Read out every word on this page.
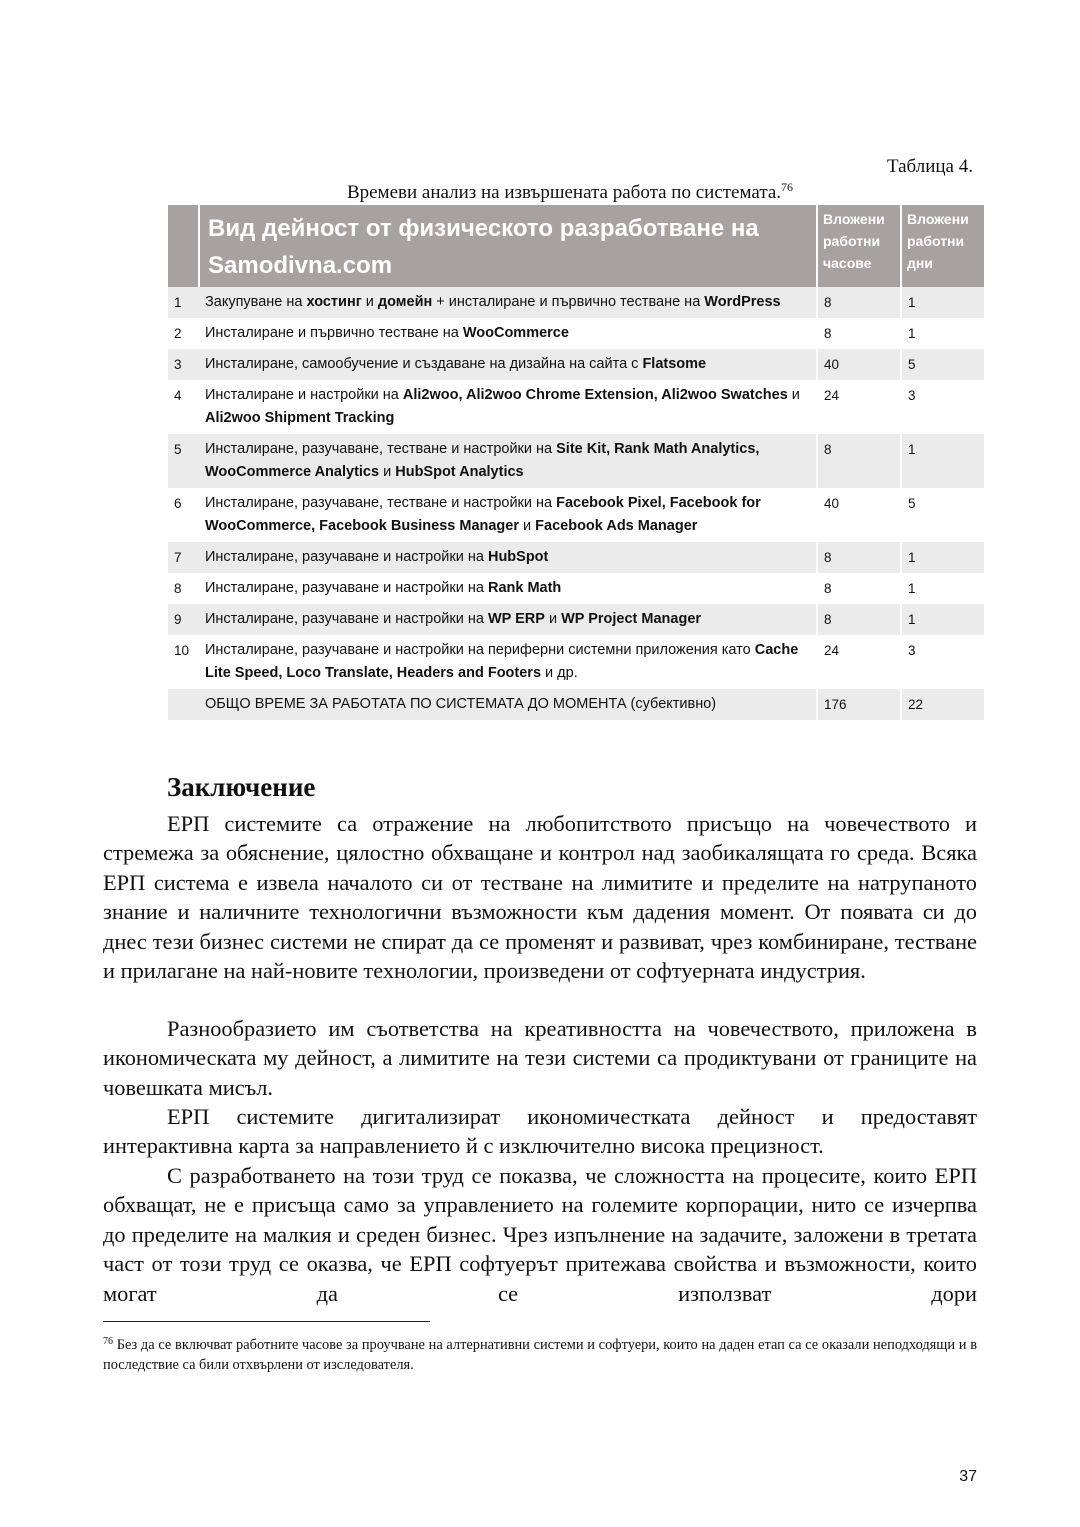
Таблица 4.
Времеви анализ на извършената работа по системата.$^{76}$
	Вид дейност от физическото разработване на Samodivna.com	Вложени работни часове	Вложени работни дни
1	Закупуване на хостинг и домейн + инсталиране и първично тестване на WordPress	8	1
2	Инсталиране и първично тестване на WooCommerce	8	1
3	Инсталиране, самообучение и създаване на дизайна на сайта с Flatsome	40	5
4	Инсталиране и настройки на Ali2woo, Ali2woo Chrome Extension, Ali2woo Swatches и Ali2woo Shipment Tracking	24	3
5	Инсталиране, разучаване, тестване и настройки на Site Kit, Rank Math Analytics, WooCommerce Analytics и HubSpot Analytics	8	1
6	Инсталиране, разучаване, тестване и настройки на Facebook Pixel, Facebook for WooCommerce, Facebook Business Manager и Facebook Ads Manager	40	5
7	Инсталиране, разучаване и настройки на HubSpot	8	1
8	Инсталиране, разучаване и настройки на Rank Math	8	1
9	Инсталиране, разучаване и настройки на WP ERP и WP Project Manager	8	1
10	Инсталиране, разучаване и настройки на периферни системни приложения като Cache Lite Speed, Loco Translate, Headers and Footers и др.	24	3
	ОБЩО ВРЕМЕ ЗА РАБОТАТА ПО СИСТЕМАТА ДО МОМЕНТА (субективно)	176	22
Заключение

ЕРП системите са отражение на любопитството присъщо на човечеството и стремежа за обяснение, цялостно обхващане и контрол над заобикалящата го среда. Всяка ЕРП система е извела началото си от тестване на лимитите и пределите на натрупаното знание и наличните технологични възможности към дадения момент. От появата си до днес тези бизнес системи не спират да се променят и развиват, чрез комбиниране, тестване и прилагане на най-новите технологии, произведени от софтуерната индустрия.

Разнообразието им съответства на креативността на човечеството, приложена в икономическата му дейност, а лимитите на тези системи са продиктувани от границите на човешката мисъл.

ЕРП системите дигитализират икономичестката дейност и предоставят интерактивна карта за направлението й с изключително висока прецизност.

С разработването на този труд се показва, че сложността на процесите, които ЕРП обхващат, не е присъща само за управлението на големите корпорации, нито се изчерпва до пределите на малкия и среден бизнес. Чрез изпълнение на задачите, заложени в третата част от този труд се оказва, че ЕРП софтуерът притежава свойства и възможности, които могат да се използват дори

$^{76}$ Без да се включват работните часове за проучване на алтернативни системи и софтуери, които на даден етап са се оказали неподходящи и в последствие са били отхвърлени от изследователя.

37
